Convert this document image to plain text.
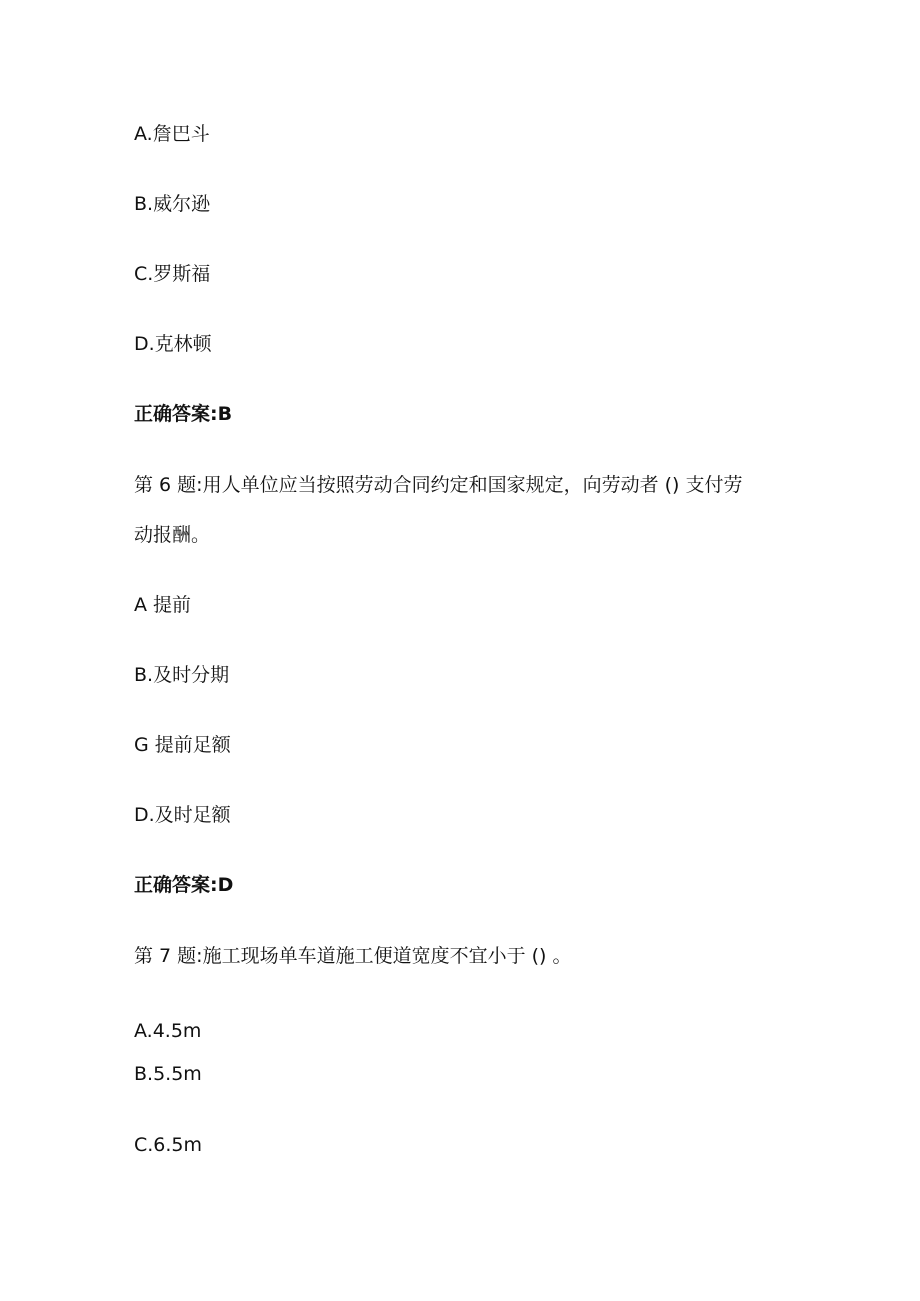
A.詹巴斗
B.威尔逊
C.罗斯福
D.克林顿
正确答案:B
第 6 题:用人单位应当按照劳动合同约定和国家规定，向劳动者 () 支付劳
动报酬。
A 提前
B.及时分期
G 提前足额
D.及时足额
正确答案:D
第 7 题:施工现场单车道施工便道宽度不宜小于 () 。
A.4.5m
B.5.5m
C.6.5m
